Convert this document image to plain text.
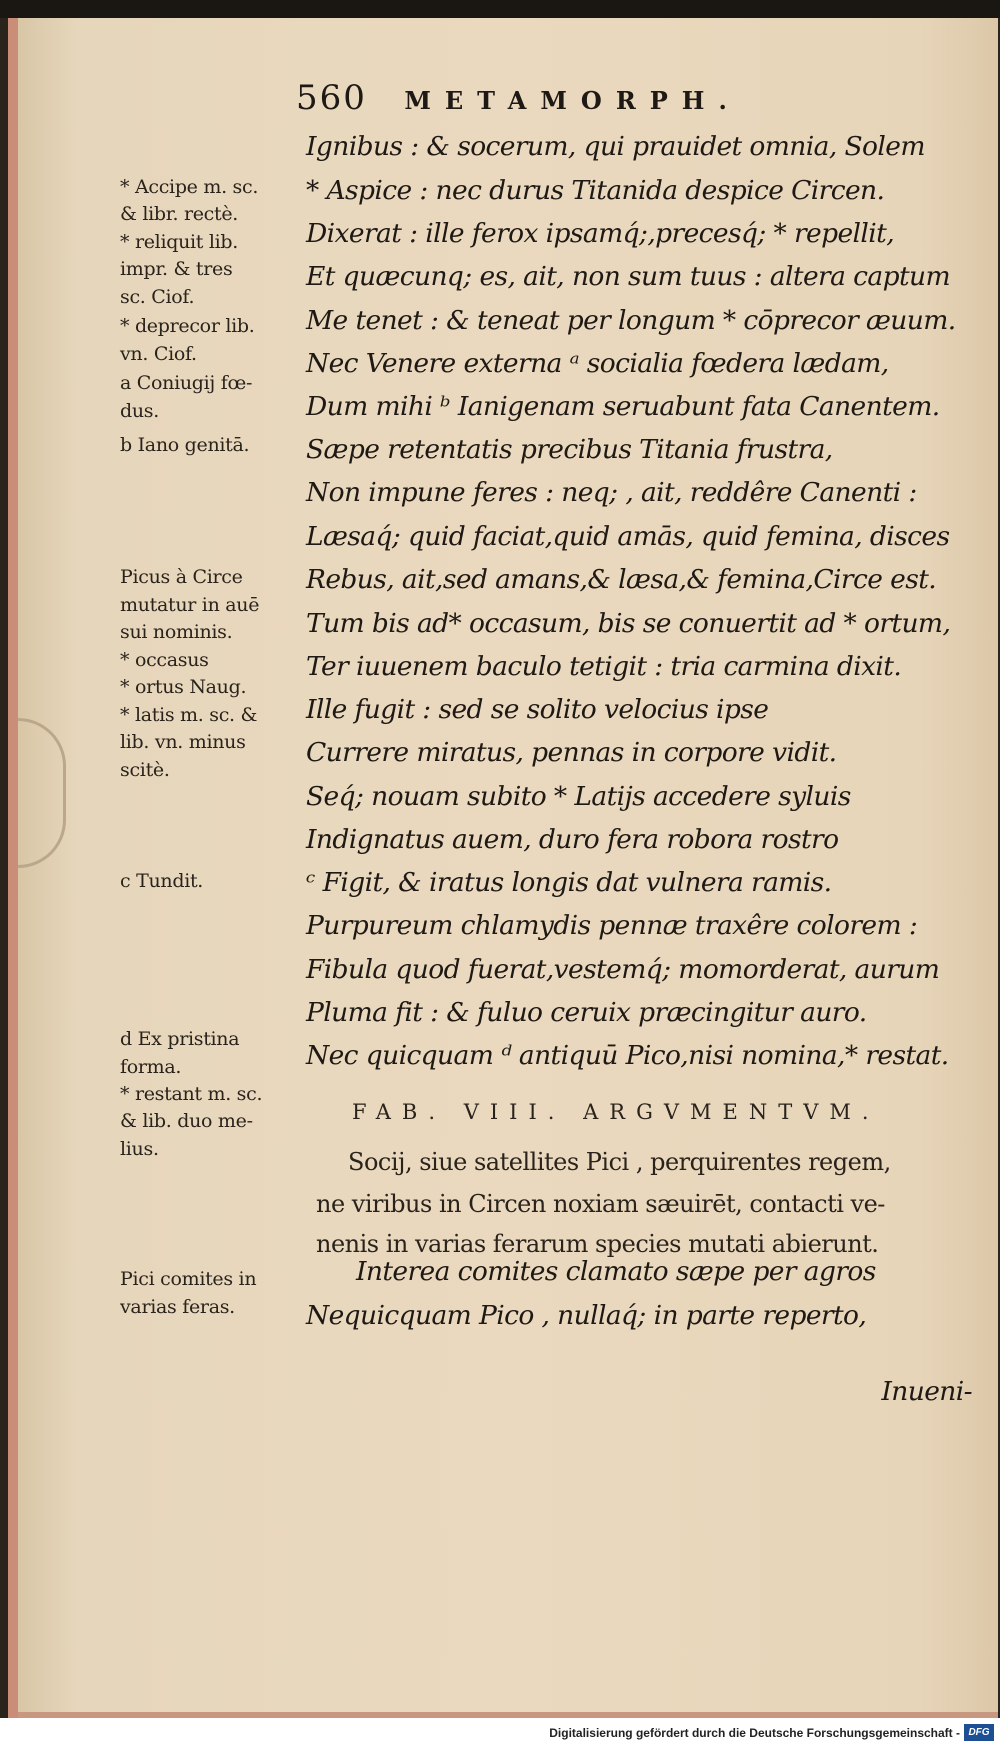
560 METAMORPH.
Ignibus : & socerum, qui prauidet omnia, Solem
* Aspice : nec durus Titanida despice Circen.
Dixerat : ille ferox ipsamq́;,precesq́; * repellit,
Et quæcunq; es, ait, non sum tuus : altera captum
Me tenet : & teneat per longum * cōprecor æuum.
Nec Venere externa ᵃ socialia fœdera lædam,
Dum mihi ᵇ Ianigenam seruabunt fata Canentem.
Sæpe retentatis precibus Titania frustra,
Non impune feres : neq; , ait, reddêre Canenti :
Læsaq́; quid faciat,quid amās, quid femina, disces
Rebus, ait,sed amans,& læsa,& femina,Circe est.
Tum bis ad* occasum, bis se conuertit ad * ortum,
Ter iuuenem baculo tetigit : tria carmina dixit.
Ille fugit : sed se solito velocius ipse
Currere miratus, pennas in corpore vidit.
Seq́; nouam subito * Latijs accedere syluis
Indignatus auem, duro fera robora rostro
ᶜ Figit, & iratus longis dat vulnera ramis.
Purpureum chlamydis pennæ traxêre colorem :
Fibula quod fuerat,vestemq́; momorderat, aurum
Pluma fit : & fuluo ceruix præcingitur auro.
Nec quicquam ᵈ antiquū Pico,nisi nomina,* restat.
* Accipe m. sc.
& libr. rectè.
* reliquit lib.
impr. & tres
sc. Ciof.
* deprecor lib.
vn. Ciof.
a Coniugij fœ-
dus.
b Iano genitā.
Picus à Circe
mutatur in auē
sui nominis.
* occasus
* ortus Naug.
* latis m. sc. &
lib. vn. minus
scitè.
c Tundit.
d Ex pristina
forma.
* restant m. sc.
& lib. duo me-
lius.
Pici comites in
varias feras.
FAB. VIII. ARGVMENTVM.
Socij, siue satellites Pici , perquirentes regem,
ne viribus in Circen noxiam sæuirēt, contacti ve-
nenis in varias ferarum species mutati abierunt.
Interea comites clamato sæpe per agros
Nequicquam Pico , nullaq́; in parte reperto,
Inueni-
Digitalisierung gefördert durch die Deutsche Forschungsgemeinschaft - DFG
